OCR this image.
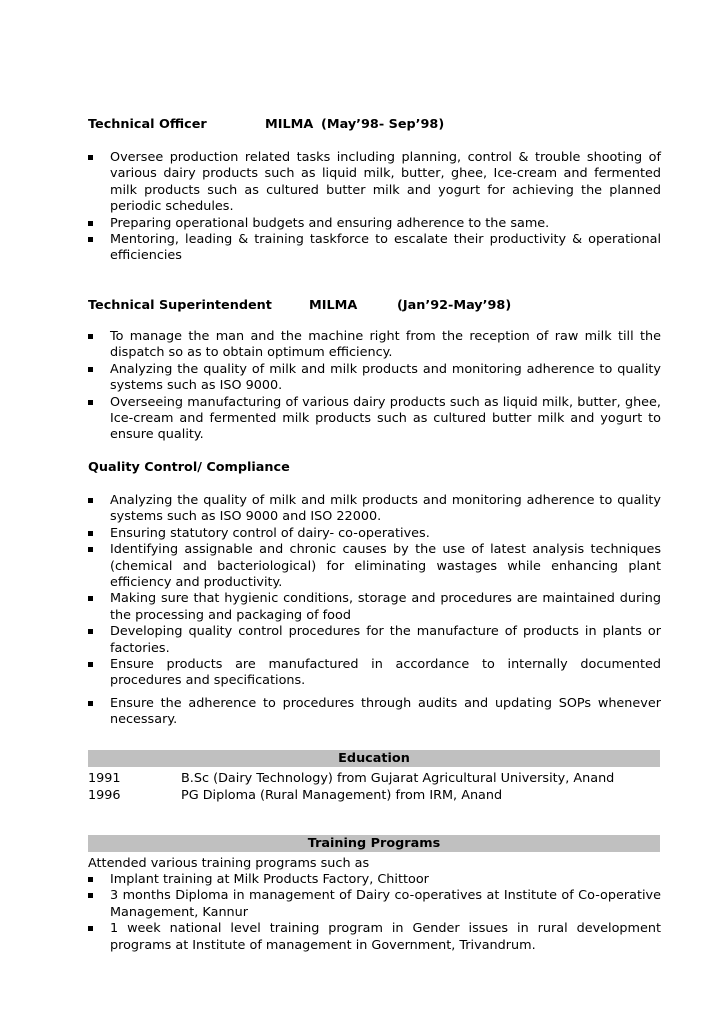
Technical Officer	MILMA (May’98- Sep’98)
Oversee production related tasks including planning, control & trouble shooting of various dairy products such as liquid milk, butter, ghee, Ice-cream and fermented milk products such as cultured butter milk and yogurt for achieving the planned periodic schedules.
Preparing operational budgets and ensuring adherence to the same.
Mentoring, leading & training taskforce to escalate their productivity & operational efficiencies
Technical Superintendent	MILMA	(Jan’92-May’98)
To manage the man and the machine right from the reception of raw milk till the dispatch so as to obtain optimum efficiency.
Analyzing the quality of milk and milk products and monitoring adherence to quality systems such as ISO 9000.
Overseeing manufacturing of various dairy products such as liquid milk, butter, ghee, Ice-cream and fermented milk products such as cultured butter milk and yogurt to ensure quality.
Quality Control/ Compliance
Analyzing the quality of milk and milk products and monitoring adherence to quality systems such as ISO 9000 and ISO 22000.
Ensuring statutory control of dairy- co-operatives.
Identifying assignable and chronic causes by the use of latest analysis techniques (chemical and bacteriological) for eliminating wastages while enhancing plant efficiency and productivity.
Making sure that hygienic conditions, storage and procedures are maintained during the processing and packaging of food
Developing quality control procedures for the manufacture of products in plants or factories.
Ensure products are manufactured in accordance to internally documented procedures and specifications.
Ensure the adherence to procedures through audits and updating SOPs whenever necessary.
Education
1991	B.Sc (Dairy Technology) from Gujarat Agricultural University, Anand
1996	PG Diploma (Rural Management) from IRM, Anand
Training Programs
Attended various training programs such as
Implant training at Milk Products Factory, Chittoor
3 months Diploma in management of Dairy co-operatives at Institute of Co-operative Management, Kannur
1 week national level training program in Gender issues in rural development programs at Institute of management in Government, Trivandrum.
